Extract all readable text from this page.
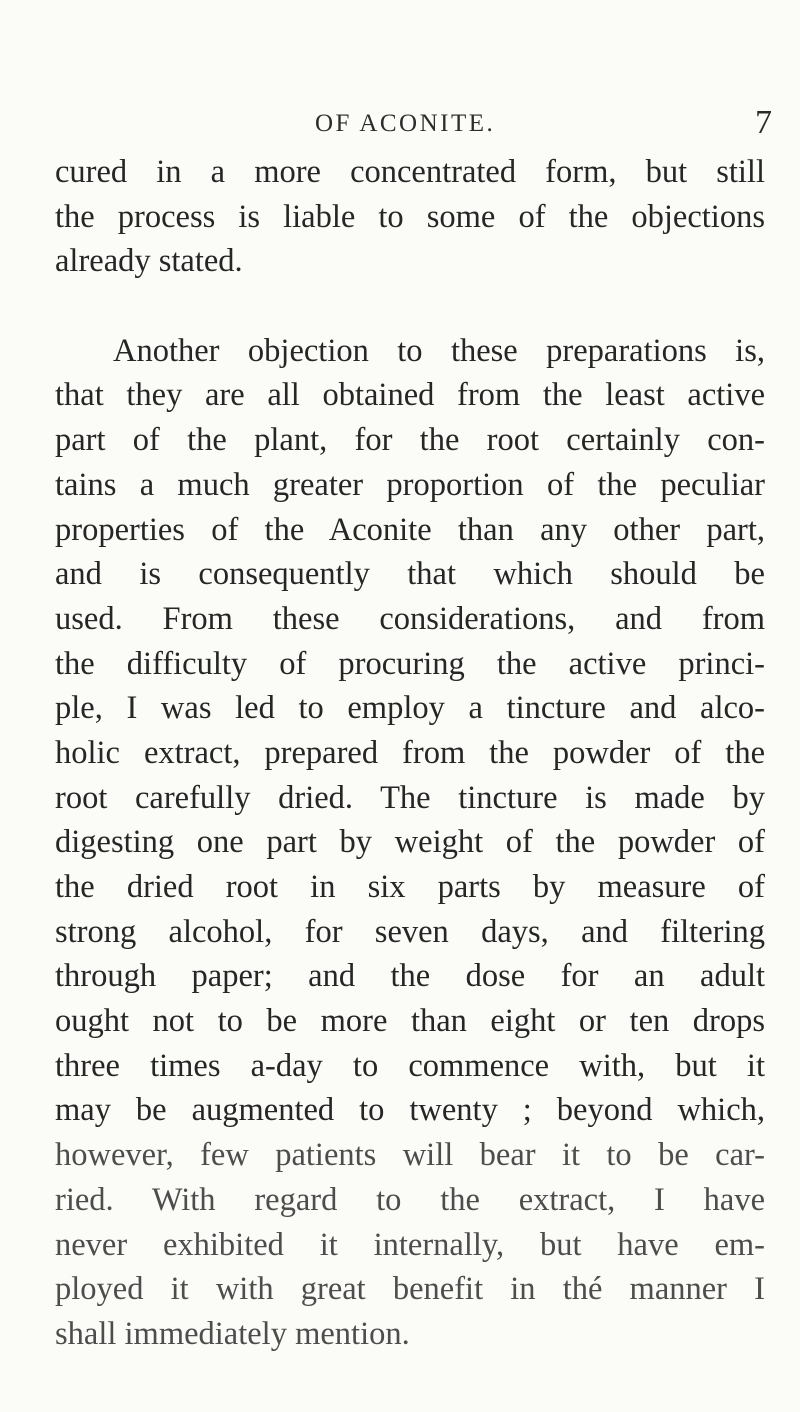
OF ACONITE.	7
cured in a more concentrated form, but still
the process is liable to some of the objections
already stated.
Another objection to these preparations is,
that they are all obtained from the least active
part of the plant, for the root certainly con-
tains a much greater proportion of the peculiar
properties of the Aconite than any other part,
and is consequently that which should be
used. From these considerations, and from
the difficulty of procuring the active princi-
ple, I was led to employ a tincture and alco-
holic extract, prepared from the powder of the
root carefully dried. The tincture is made by
digesting one part by weight of the powder of
the dried root in six parts by measure of
strong alcohol, for seven days, and filtering
through paper; and the dose for an adult
ought not to be more than eight or ten drops
three times a-day to commence with, but it
may be augmented to twenty ; beyond which,
however, few patients will bear it to be car-
ried. With regard to the extract, I have
never exhibited it internally, but have em-
ployed it with great benefit in thé manner I
shall immediately mention.
